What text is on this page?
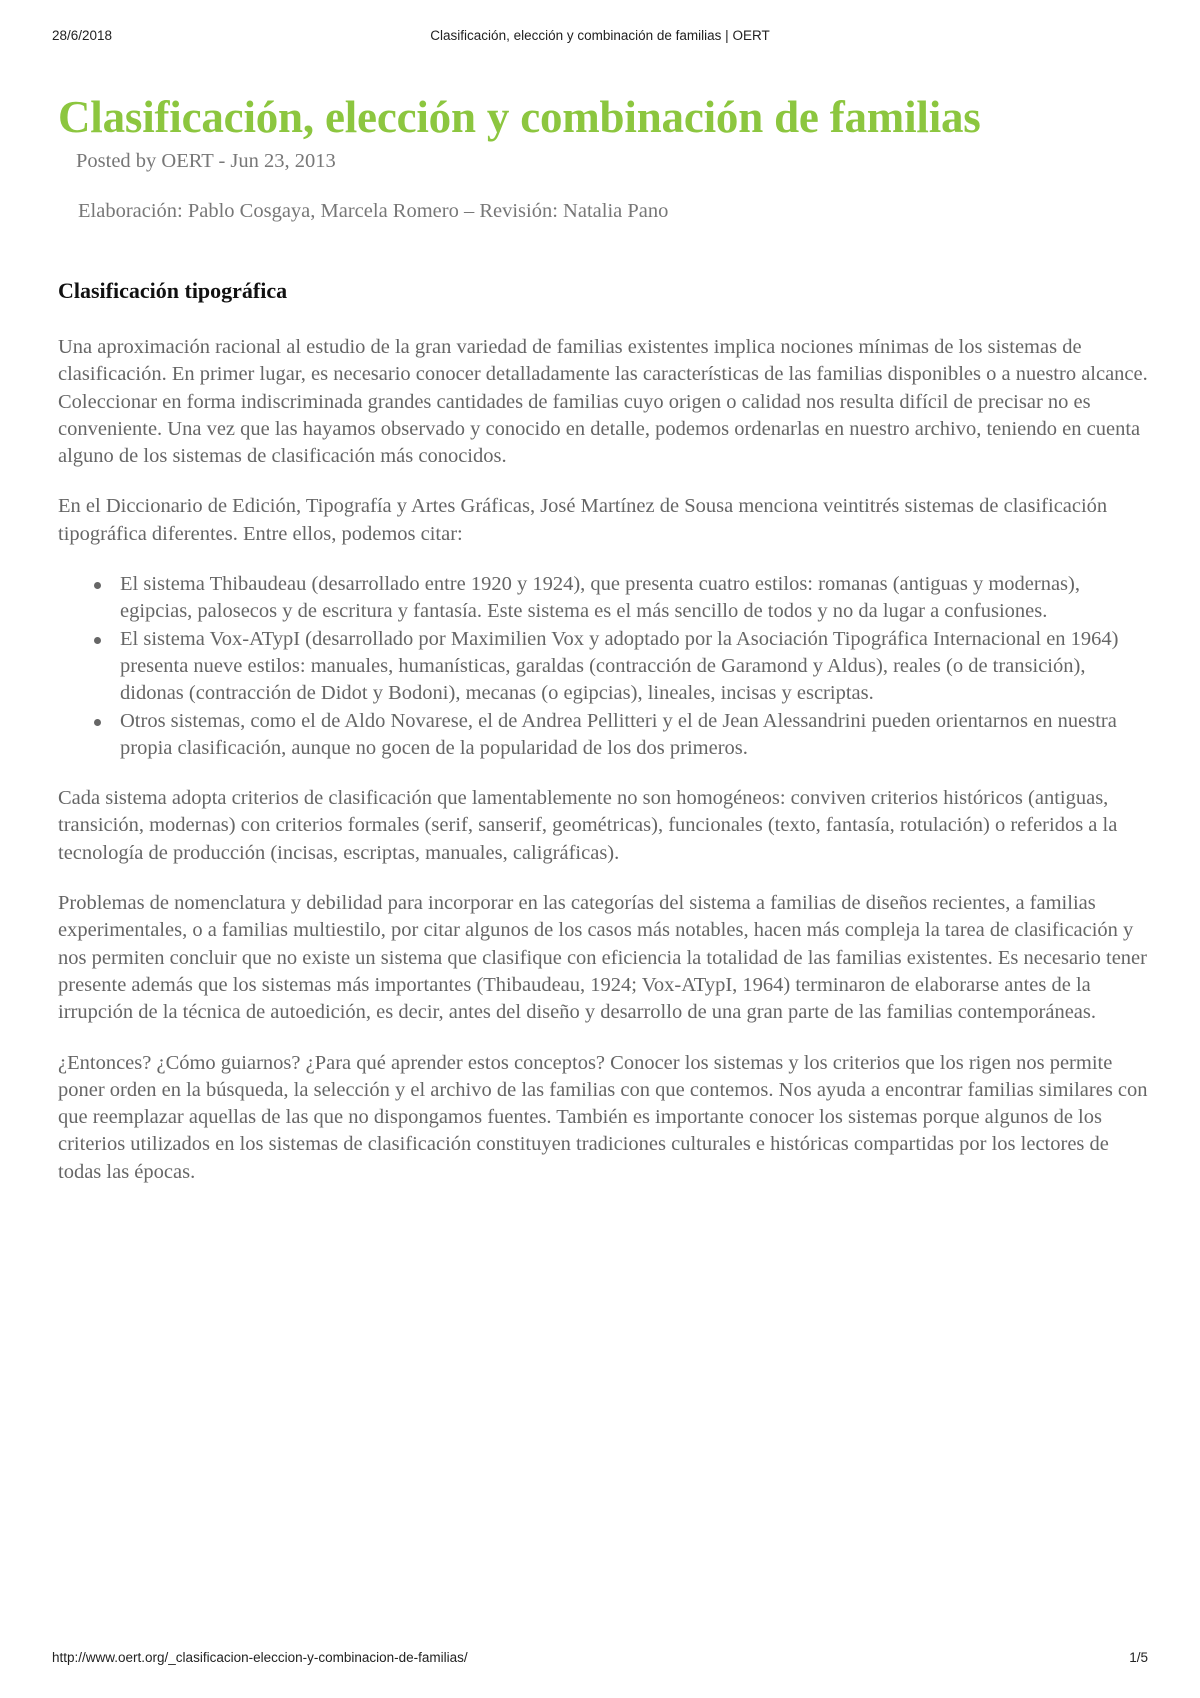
28/6/2018	Clasificación, elección y combinación de familias | OERT
Clasificación, elección y combinación de familias
Posted by OERT - Jun 23, 2013
Elaboración: Pablo Cosgaya, Marcela Romero – Revisión: Natalia Pano
Clasificación tipográfica

Una aproximación racional al estudio de la gran variedad de familias existentes implica nociones mínimas de los sistemas de clasificación. En primer lugar, es necesario conocer detalladamente las características de las familias disponibles o a nuestro alcance. Coleccionar en forma indiscriminada grandes cantidades de familias cuyo origen o calidad nos resulta difícil de precisar no es conveniente. Una vez que las hayamos observado y conocido en detalle, podemos ordenarlas en nuestro archivo, teniendo en cuenta alguno de los sistemas de clasificación más conocidos.

En el Diccionario de Edición, Tipografía y Artes Gráficas, José Martínez de Sousa menciona veintitrés sistemas de clasificación tipográfica diferentes. Entre ellos, podemos citar:

El sistema Thibaudeau (desarrollado entre 1920 y 1924), que presenta cuatro estilos: romanas (antiguas y modernas), egipcias, palosecos y de escritura y fantasía. Este sistema es el más sencillo de todos y no da lugar a confusiones.
El sistema Vox-ATypI (desarrollado por Maximilien Vox y adoptado por la Asociación Tipográfica Internacional en 1964) presenta nueve estilos: manuales, humanísticas, garaldas (contracción de Garamond y Aldus), reales (o de transición), didonas (contracción de Didot y Bodoni), mecanas (o egipcias), lineales, incisas y escriptas.
Otros sistemas, como el de Aldo Novarese, el de Andrea Pellitteri y el de Jean Alessandrini pueden orientarnos en nuestra propia clasificación, aunque no gocen de la popularidad de los dos primeros.

Cada sistema adopta criterios de clasificación que lamentablemente no son homogéneos: conviven criterios históricos (antiguas, transición, modernas) con criterios formales (serif, sanserif, geométricas), funcionales (texto, fantasía, rotulación) o referidos a la tecnología de producción (incisas, escriptas, manuales, caligráficas).

Problemas de nomenclatura y debilidad para incorporar en las categorías del sistema a familias de diseños recientes, a familias experimentales, o a familias multiestilo, por citar algunos de los casos más notables, hacen más compleja la tarea de clasificación y nos permiten concluir que no existe un sistema que clasifique con eficiencia la totalidad de las familias existentes. Es necesario tener presente además que los sistemas más importantes (Thibaudeau, 1924; Vox-ATypI, 1964) terminaron de elaborarse antes de la irrupción de la técnica de autoedición, es decir, antes del diseño y desarrollo de una gran parte de las familias contemporáneas.

¿Entonces? ¿Cómo guiarnos? ¿Para qué aprender estos conceptos? Conocer los sistemas y los criterios que los rigen nos permite poner orden en la búsqueda, la selección y el archivo de las familias con que contemos. Nos ayuda a encontrar familias similares con que reemplazar aquellas de las que no dispongamos fuentes. También es importante conocer los sistemas porque algunos de los criterios utilizados en los sistemas de clasificación constituyen tradiciones culturales e históricas compartidas por los lectores de todas las épocas.

http://www.oert.org/_clasificacion-eleccion-y-combinacion-de-familias/	1/5
